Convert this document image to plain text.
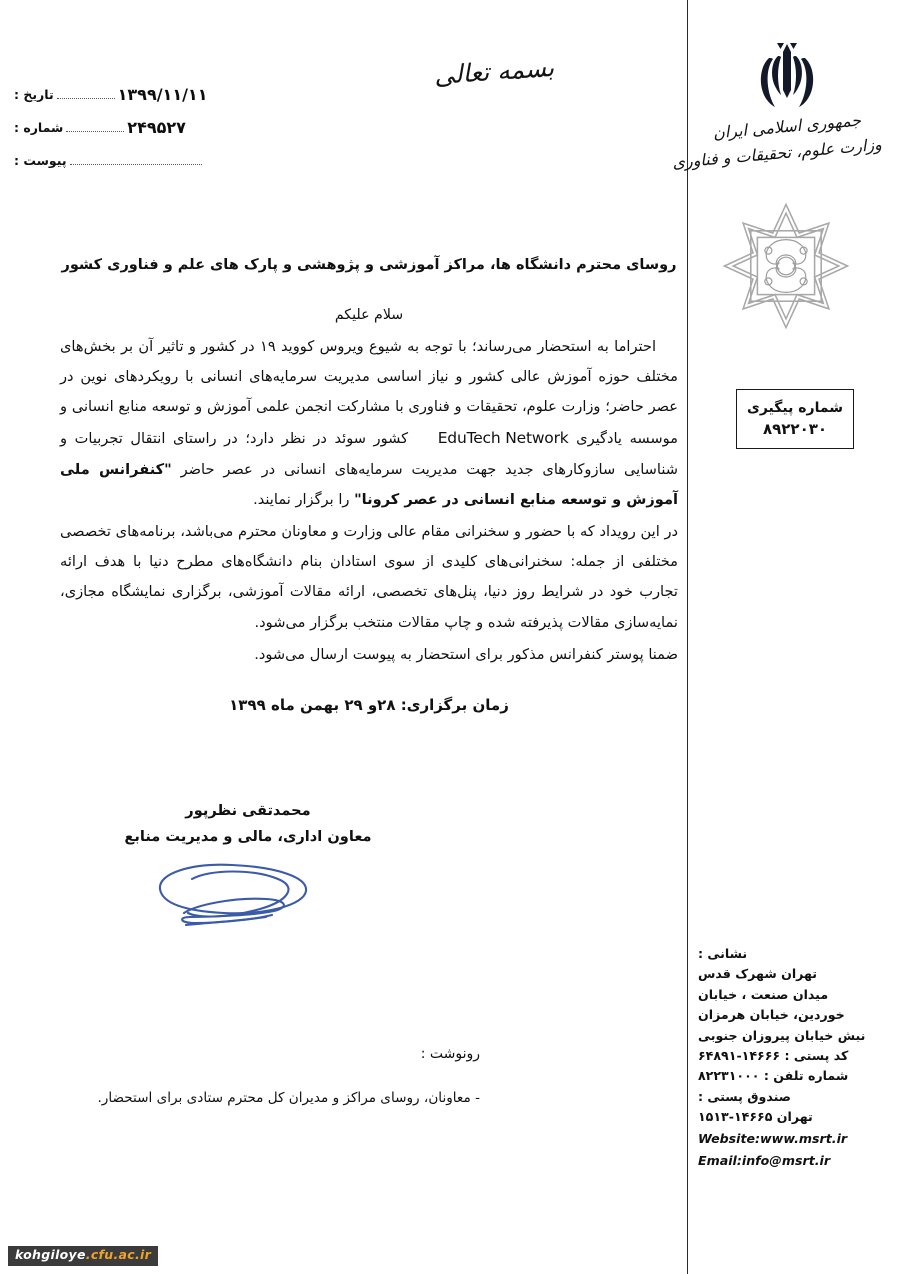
بسمه تعالی
تاریخ :	۱۳۹۹/۱۱/۱۱
شماره :	۲۴۹۵۲۷
پیوست :
جمهوری اسلامی ایران
وزارت علوم، تحقیقات و فناوری
شماره پیگیری
۸۹۲۲۰۳۰
روسای محترم دانشگاه ها، مراکز آموزشی و پژوهشی و پارک های علم و فناوری کشور
سلام علیکم

احتراما به استحضار می‌رساند؛ با توجه به شیوع ویروس کووید ۱۹ در کشور و تاثیر آن بر بخش‌های مختلف حوزه آموزش عالی کشور و نیاز اساسی مدیریت سرمایه‌های انسانی با رویکردهای نوین در عصر حاضر؛ وزارت علوم، تحقیقات و فناوری با مشارکت انجمن علمی آموزش و توسعه منابع انسانی و موسسه یادگیری EduTech Network کشور سوئد در نظر دارد؛ در راستای انتقال تجربیات و شناسایی سازوکارهای جدید جهت مدیریت سرمایه‌های انسانی در عصر حاضر "کنفرانس ملی آموزش و توسعه منابع انسانی در عصر کرونا" را برگزار نمایند.

در این رویداد که با حضور و سخنرانی مقام عالی وزارت و معاونان محترم می‌باشد، برنامه‌های تخصصی مختلفی از جمله: سخنرانی‌های کلیدی از سوی استادان بنام دانشگاه‌های مطرح دنیا با هدف ارائه تجارب خود در شرایط روز دنیا، پنل‌های تخصصی، ارائه مقالات آموزشی، برگزاری نمایشگاه مجازی، نمایه‌سازی مقالات پذیرفته شده و چاپ مقالات منتخب برگزار می‌شود.

ضمنا پوستر کنفرانس مذکور برای استحضار به پیوست ارسال می‌شود.

زمان برگزاری: ۲۸و ۲۹ بهمن ماه ۱۳۹۹
محمدتقی نظرپور
معاون اداری، مالی و مدیریت منابع
رونوشت :
- معاونان، روسای مراکز و مدیران کل محترم ستادی برای استحضار.
نشانی :
تهران شهرک قدس
میدان صنعت ، خیابان
خوردین، خیابان هرمزان
نبش خیابان پیروزان جنوبی
کد پستی : ۱۴۶۶۶-۶۴۸۹۱
شماره تلفن : ۸۲۲۳۱۰۰۰
صندوق پستی :
تهران ۱۴۶۶۵-۱۵۱۳
Website:www.msrt.ir
Email:info@msrt.ir
kohgiloye.cfu.ac.ir
